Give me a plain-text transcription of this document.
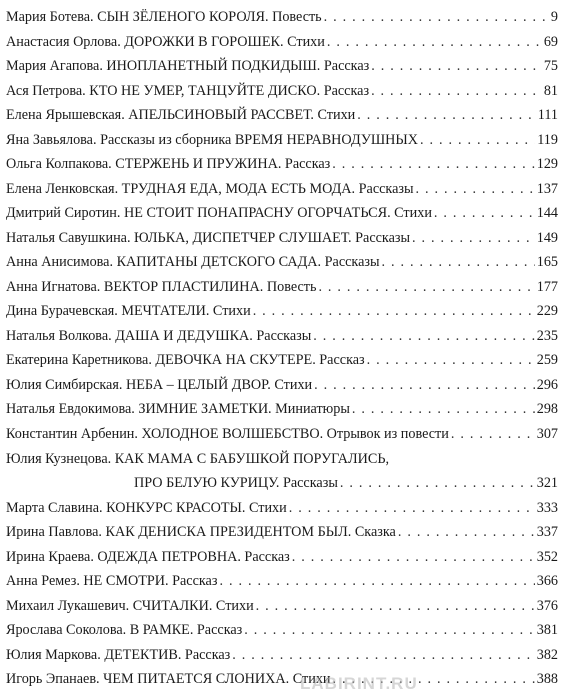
Мария Ботева. СЫН ЗЁЛЕНОГО КОРОЛЯ. Повесть . . .	9
Анастасия Орлова. ДОРОЖКИ В ГОРОШЕК. Стихи . . .	69
Мария Агапова. ИНОПЛАНЕТНЫЙ ПОДКИДЫШ. Рассказ . . .	75
Ася Петрова. КТО НЕ УМЕР, ТАНЦУЙТЕ ДИСКО. Рассказ . . .	81
Елена Ярышевская. АПЕЛЬСИНОВЫЙ РАССВЕТ. Стихи . . .	111
Яна Завьялова. Рассказы из сборника ВРЕМЯ НЕРАВНОДУШНЫХ . . .	119
Ольга Колпакова. СТЕРЖЕНЬ И ПРУЖИНА. Рассказ . . .	129
Елена Ленковская. ТРУДНАЯ ЕДА, МОДА ЕСТЬ МОДА. Рассказы . . .	137
Дмитрий Сиротин. НЕ СТОИТ ПОНАПРАСНУ ОГОРЧАТЬСЯ. Стихи . . .	144
Наталья Савушкина. ЮЛЬКА, ДИСПЕТЧЕР СЛУШАЕТ. Рассказы . . .	149
Анна Анисимова. КАПИТАНЫ ДЕТСКОГО САДА. Рассказы . . .	165
Анна Игнатова. ВЕКТОР ПЛАСТИЛИНА. Повесть . . .	177
Дина Бурачевская. МЕЧТАТЕЛИ. Стихи . . .	229
Наталья Волкова. ДАША И ДЕДУШКА. Рассказы . . .	235
Екатерина Каретникова. ДЕВОЧКА НА СКУТЕРЕ. Рассказ . . .	259
Юлия Симбирская. НЕБА – ЦЕЛЫЙ ДВОР. Стихи . . .	296
Наталья Евдокимова. ЗИМНИЕ ЗАМЕТКИ. Миниатюры . . .	298
Константин Арбенин. ХОЛОДНОЕ ВОЛШЕБСТВО. Отрывок из повести . . .	307
Юлия Кузнецова. КАК МАМА С БАБУШКОЙ ПОРУГАЛИСЬ,
ПРО БЕЛУЮ КУРИЦУ. Рассказы . . .	321
Марта Славина. КОНКУРС КРАСОТЫ. Стихи . . .	333
Ирина Павлова. КАК ДЕНИСКА ПРЕЗИДЕНТОМ БЫЛ. Сказка . . .	337
Ирина Краева. ОДЕЖДА ПЕТРОВНА. Рассказ . . .	352
Анна Ремез. НЕ СМОТРИ. Рассказ . . .	366
Михаил Лукашевич. СЧИТАЛКИ. Стихи . . .	376
Ярослава Соколова. В РАМКЕ. Рассказ . . .	381
Юлия Маркова. ДЕТЕКТИВ. Рассказ . . .	382
Игорь Эпанаев. ЧЕМ ПИТАЕТСЯ СЛОНИХА. Стихи . . .	388
LABIRINT.RU
